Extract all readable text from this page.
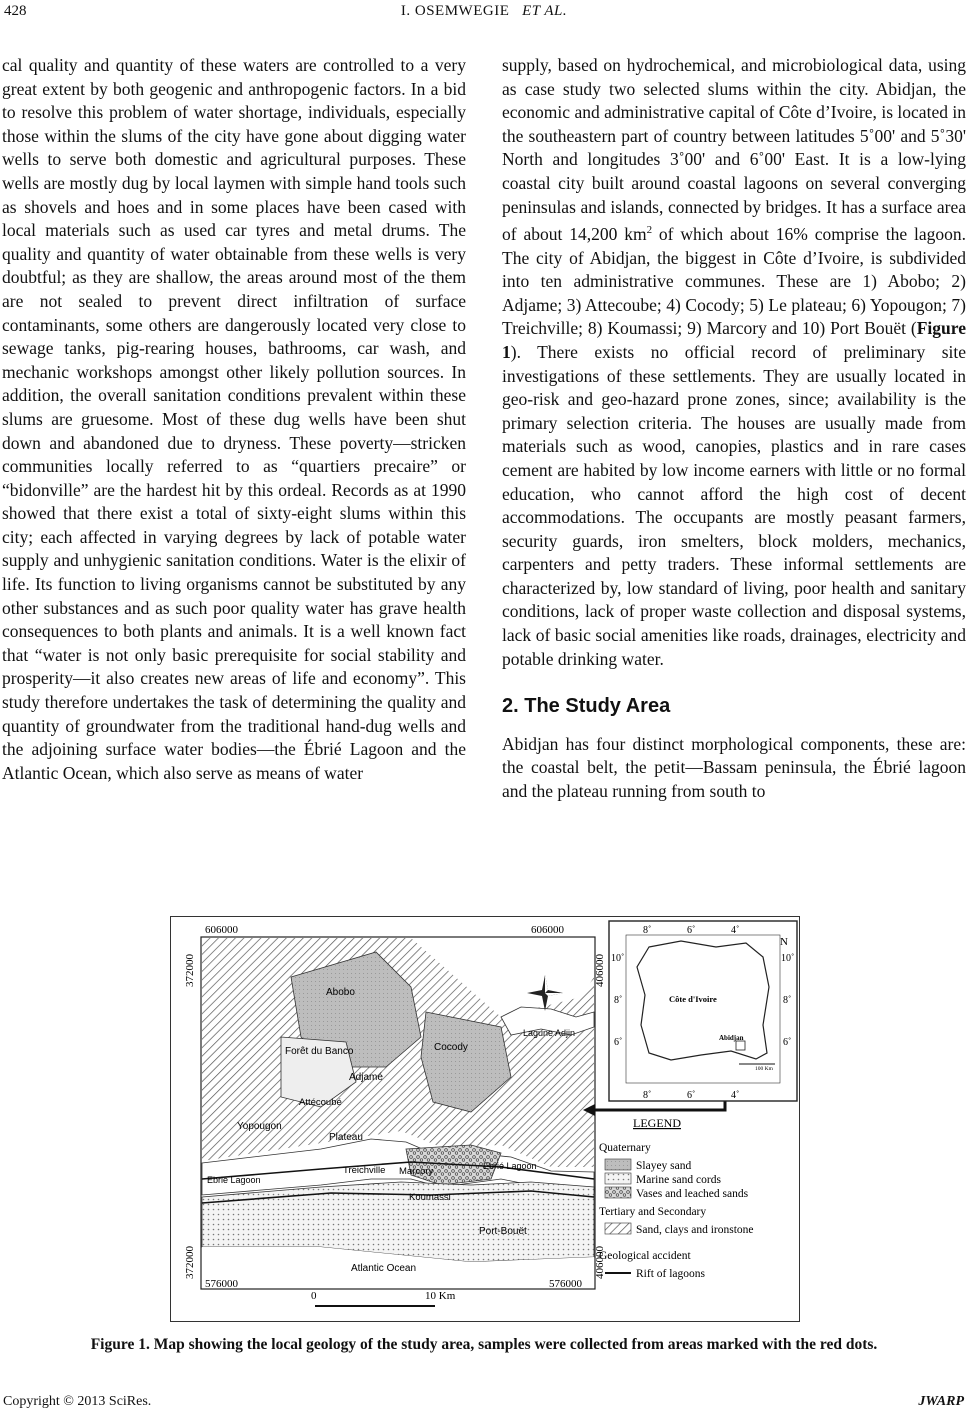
428	I. OSEMWEGIE ET AL.

cal quality and quantity of these waters are controlled to a very great extent by both geogenic and anthropogenic factors. In a bid to resolve this problem of water shortage, individuals, especially those within the slums of the city have gone about digging water wells to serve both domestic and agricultural purposes. These wells are mostly dug by local laymen with simple hand tools such as shovels and hoes and in some places have been cased with local materials such as used car tyres and metal drums. The quality and quantity of water obtainable from these wells is very doubtful; as they are shallow, the areas around most of the them are not sealed to prevent direct infiltration of surface contaminants, some others are dangerously located very close to sewage tanks, pig-rearing houses, bathrooms, car wash, and mechanic workshops amongst other likely pollution sources. In addition, the overall sanitation conditions prevalent within these slums are gruesome. Most of these dug wells have been shut down and abandoned due to dryness. These poverty—stricken communities locally referred to as “quartiers precaire” or “bidonville” are the hardest hit by this ordeal. Records as at 1990 showed that there exist a total of sixty-eight slums within this city; each affected in varying degrees by lack of potable water supply and unhygienic sanitation conditions. Water is the elixir of life. Its function to living organisms cannot be substituted by any other substances and as such poor quality water has grave health consequences to both plants and animals. It is a well known fact that “water is not only basic prerequisite for social stability and prosperity—it also creates new areas of life and economy”. This study therefore undertakes the task of determining the quality and quantity of groundwater from the traditional hand-dug wells and the adjoining surface water bodies—the Ébrié Lagoon and the Atlantic Ocean, which also serve as means of water

supply, based on hydrochemical, and microbiological data, using as case study two selected slums within the city. Abidjan, the economic and administrative capital of Côte d’Ivoire, is located in the southeastern part of country between latitudes 5˚00' and 5˚30' North and longitudes 3˚00' and 6˚00' East. It is a low-lying coastal city built around coastal lagoons on several converging peninsulas and islands, connected by bridges. It has a surface area of about 14,200 $km^2$ of which about 16% comprise the lagoon. The city of Abidjan, the biggest in Côte d’Ivoire, is subdivided into ten administrative communes. These are 1) Abobo; 2) Adjame; 3) Attecoube; 4) Cocody; 5) Le plateau; 6) Yopougon; 7) Treichville; 8) Koumassi; 9) Marcory and 10) Port Bouët (Figure 1). There exists no official record of preliminary site investigations of these settlements. They are usually located in geo-risk and geo-hazard prone zones, since; availability is the primary selection criteria. The houses are usually made from materials such as wood, canopies, plastics and in rare cases cement are habited by low income earners with little or no formal education, who cannot afford the high cost of decent accommodations. The occupants are mostly peasant farmers, security guards, iron smelters, block molders, mechanics, carpenters and petty traders. These informal settlements are characterized by, low standard of living, poor health and sanitary conditions, lack of proper waste collection and disposal systems, lack of basic social amenities like roads, drainages, electricity and potable drinking water.

2. The Study Area

Abidjan has four distinct morphological components, these are: the coastal belt, the petit—Bassam peninsula, the Ébrié lagoon and the plateau running from south to

606000	606000
576000	576000
372000
372000
406000
406000
Abobo
Lagune Adjin
Forêt du Banco	Cocody
Adjamé
Attécoubé
Yopougon
Plateau
Treichville Marcory	Ebrié Lagoon
Ebrié Lagoon
Koumassi
Port-Bouët
Atlantic Ocean
0	10 Km
N
Côte d'Ivoire
Abidjan
100 Km
8˚	6˚	4˚
8˚	6˚	4˚
10˚
8˚
6˚
10˚
8˚
6˚
LEGEND
Quaternary
Slayey sand
Marine sand cords
Vases and leached sands
Tertiary and Secondary
Sand, clays and ironstone
Geological accident
Rift of lagoons
Figure 1. Map showing the local geology of the study area, samples were collected from areas marked with the red dots.
Copyright © 2013 SciRes.	JWARP
